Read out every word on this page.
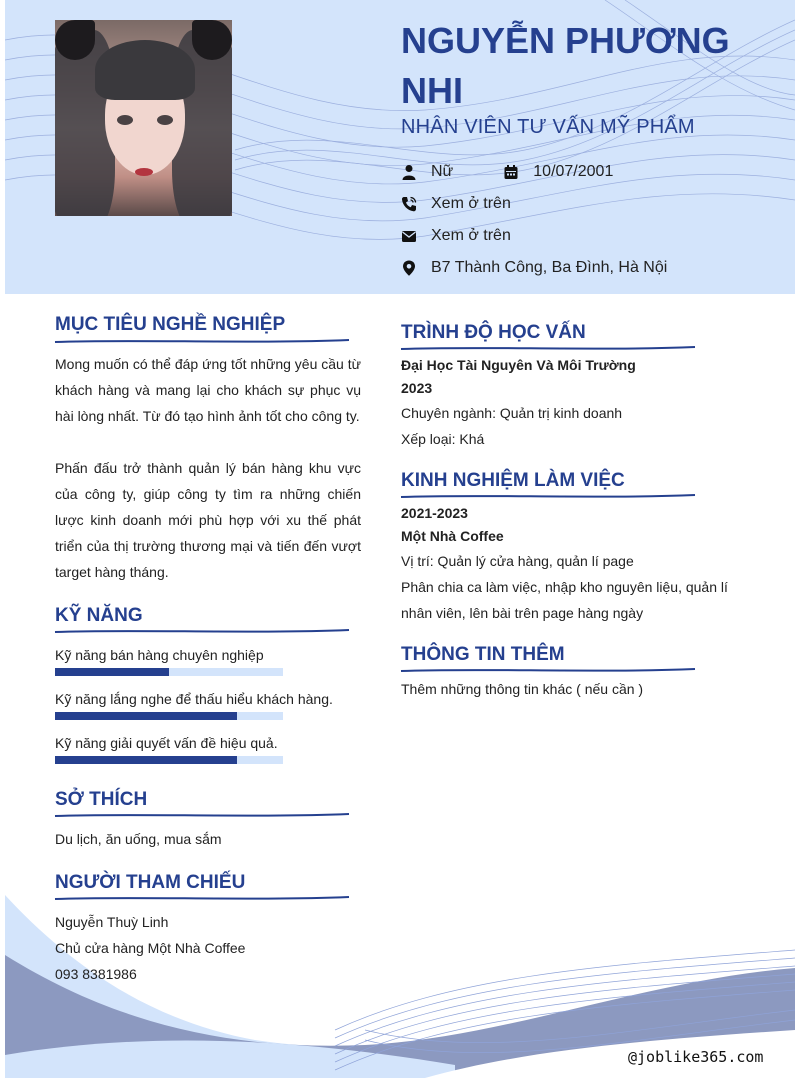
NGUYỄN PHƯƠNG NHI
NHÂN VIÊN TƯ VẤN MỸ PHẨM
Nữ	10/07/2001
Xem ở trên
Xem ở trên
B7 Thành Công, Ba Đình, Hà Nội
MỤC TIÊU NGHỀ NGHIỆP

Mong muốn có thể đáp ứng tốt những yêu cầu từ khách hàng và mang lại cho khách sự phục vụ hài lòng nhất. Từ đó tạo hình ảnh tốt cho công ty.

Phấn đấu trở thành quản lý bán hàng khu vực của công ty, giúp công ty tìm ra những chiến lược kinh doanh mới phù hợp với xu thế phát triển của thị trường thương mại và tiến đến vượt target hàng tháng.

KỸ NĂNG
Kỹ năng bán hàng chuyên nghiệp
Kỹ năng lắng nghe để thấu hiểu khách hàng.
Kỹ năng giải quyết vấn đề hiệu quả.
SỞ THÍCH
Du lịch, ăn uống, mua sắm
NGƯỜI THAM CHIẾU
Nguyễn Thuỳ Linh
Chủ cửa hàng Một Nhà Coffee
093 8381986
TRÌNH ĐỘ HỌC VẤN
Đại Học Tài Nguyên Và Môi Trường
2023
Chuyên ngành: Quản trị kinh doanh
Xếp loại: Khá
KINH NGHIỆM LÀM VIỆC
2021-2023
Một Nhà Coffee
Vị trí: Quản lý cửa hàng, quản lí page

Phân chia ca làm việc, nhập kho nguyên liệu, quản lí nhân viên, lên bài trên page hàng ngày

THÔNG TIN THÊM
Thêm những thông tin khác ( nếu cần )
@joblike365.com
